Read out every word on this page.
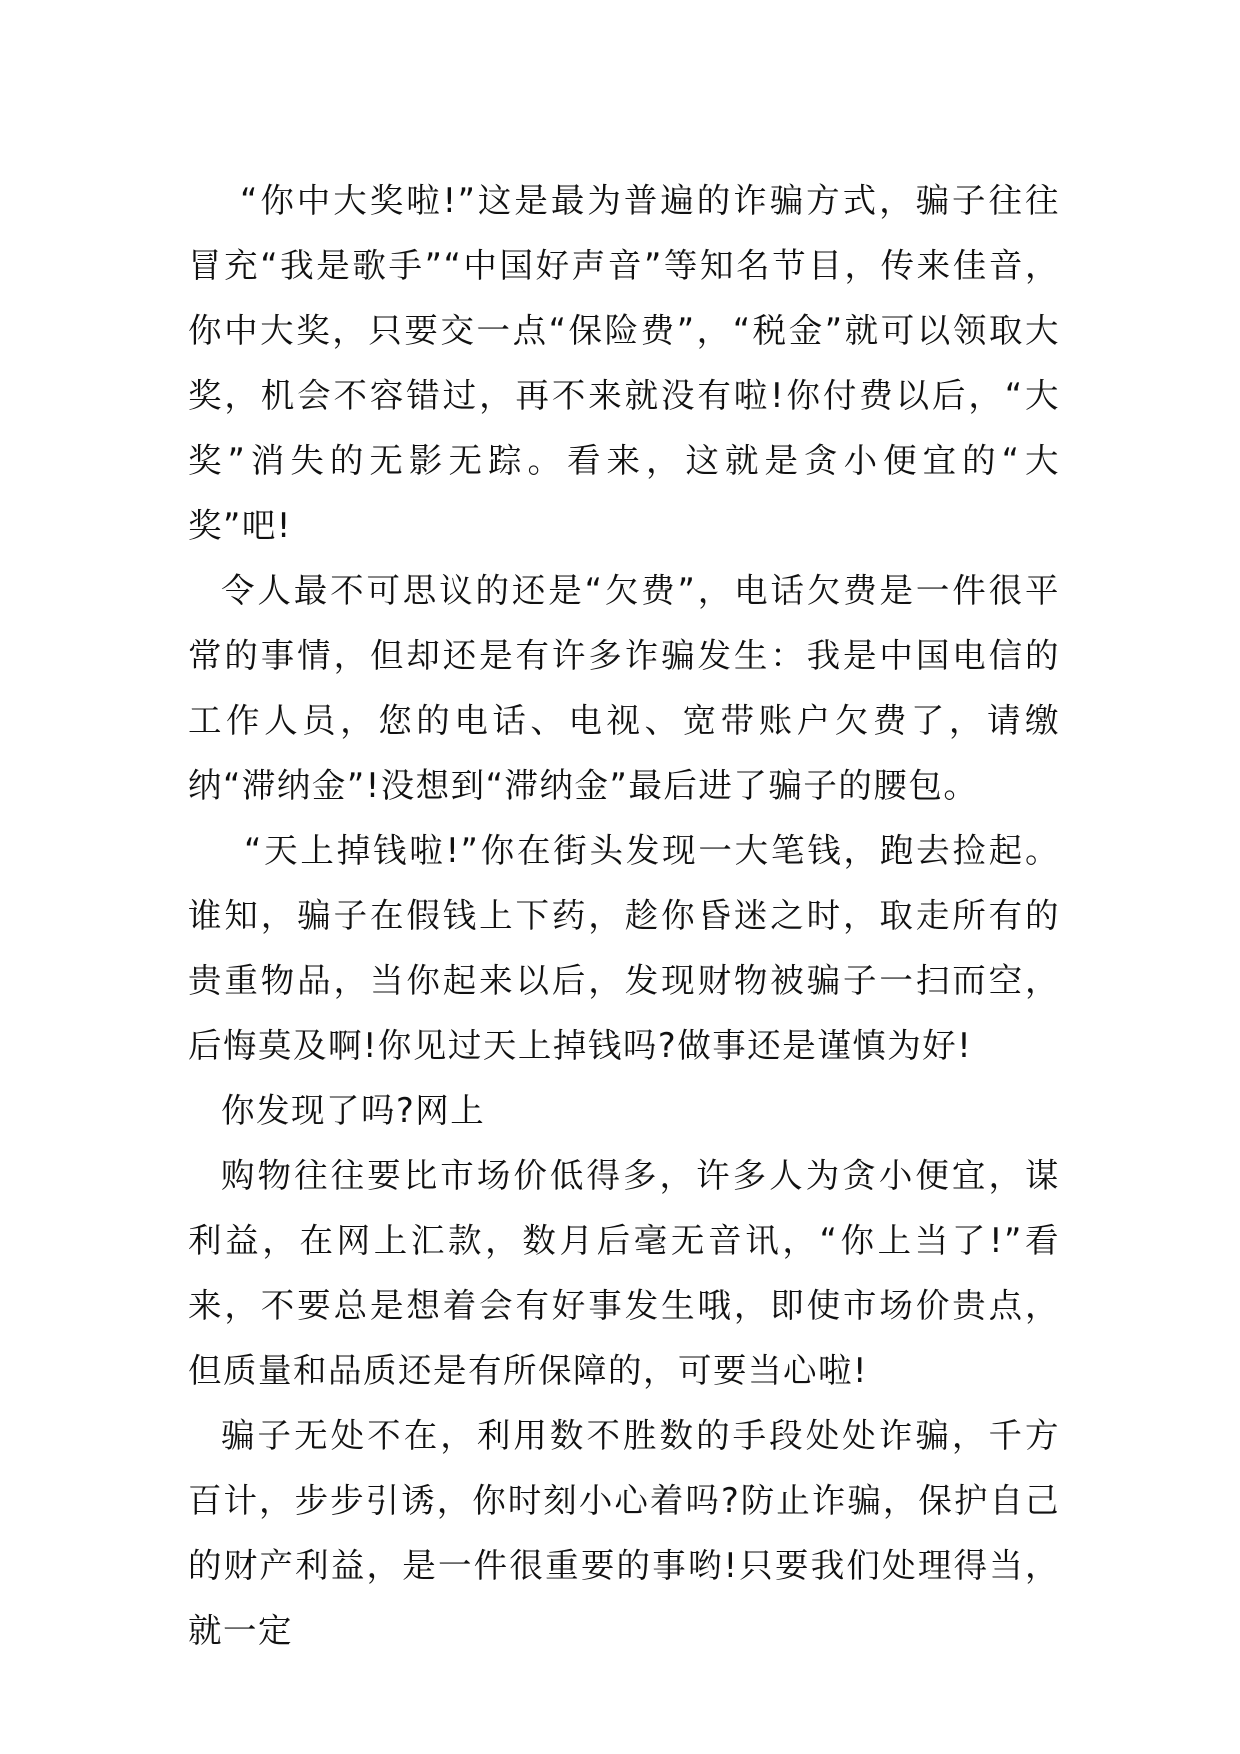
“你中大奖啦!”这是最为普遍的诈骗方式，骗子往往冒充“我是歌手”“中国好声音”等知名节目，传来佳音，你中大奖，只要交一点“保险费”，“税金”就可以领取大奖，机会不容错过，再不来就没有啦!你付费以后，“大奖”消失的无影无踪。看来，这就是贪小便宜的“大奖”吧!

令人最不可思议的还是“欠费”，电话欠费是一件很平常的事情，但却还是有许多诈骗发生：我是中国电信的工作人员，您的电话、电视、宽带账户欠费了，请缴纳“滞纳金”!没想到“滞纳金”最后进了骗子的腰包。

“天上掉钱啦!”你在街头发现一大笔钱，跑去捡起。谁知，骗子在假钱上下药，趁你昏迷之时，取走所有的贵重物品，当你起来以后，发现财物被骗子一扫而空，后悔莫及啊!你见过天上掉钱吗?做事还是谨慎为好!

你发现了吗?网上

购物往往要比市场价低得多，许多人为贪小便宜，谋利益，在网上汇款，数月后毫无音讯，“你上当了!”看来，不要总是想着会有好事发生哦，即使市场价贵点，但质量和品质还是有所保障的，可要当心啦!

骗子无处不在，利用数不胜数的手段处处诈骗，千方百计，步步引诱，你时刻小心着吗?防止诈骗，保护自己的财产利益，是一件很重要的事哟!只要我们处理得当，就一定
